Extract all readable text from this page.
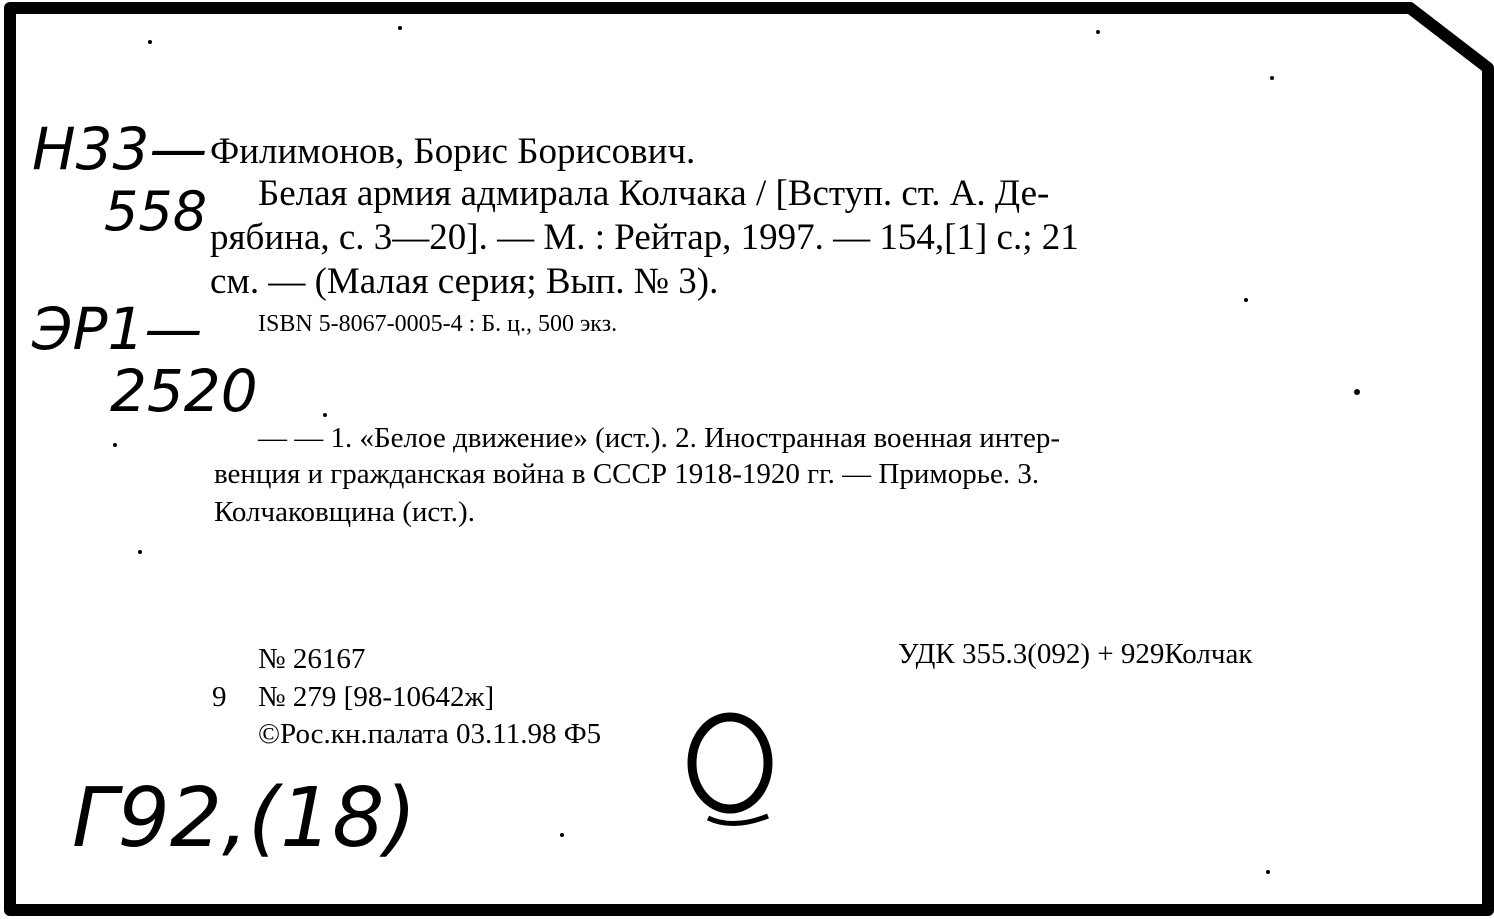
Н33—
558
ЭР1—
2520
Г92,(18)
Филимонов, Борис Борисович.
Белая армия адмирала Колчака / [Вступ. ст. А. Де-
рябина, с. 3—20]. — М. : Рейтар, 1997. — 154,[1] с.; 21
см. — (Малая серия; Вып. № 3).
ISBN 5-8067-0005-4 : Б. ц., 500 экз.
— — 1. «Белое движение» (ист.). 2. Иностранная военная интер-
венция и гражданская война в СССР 1918-1920 гг. — Приморье. 3.
Колчаковщина (ист.).
№ 26167	УДК 355.3(092) + 929Колчак
9 № 279 [98-10642ж]
©Рос.кн.палата 03.11.98 Ф5
